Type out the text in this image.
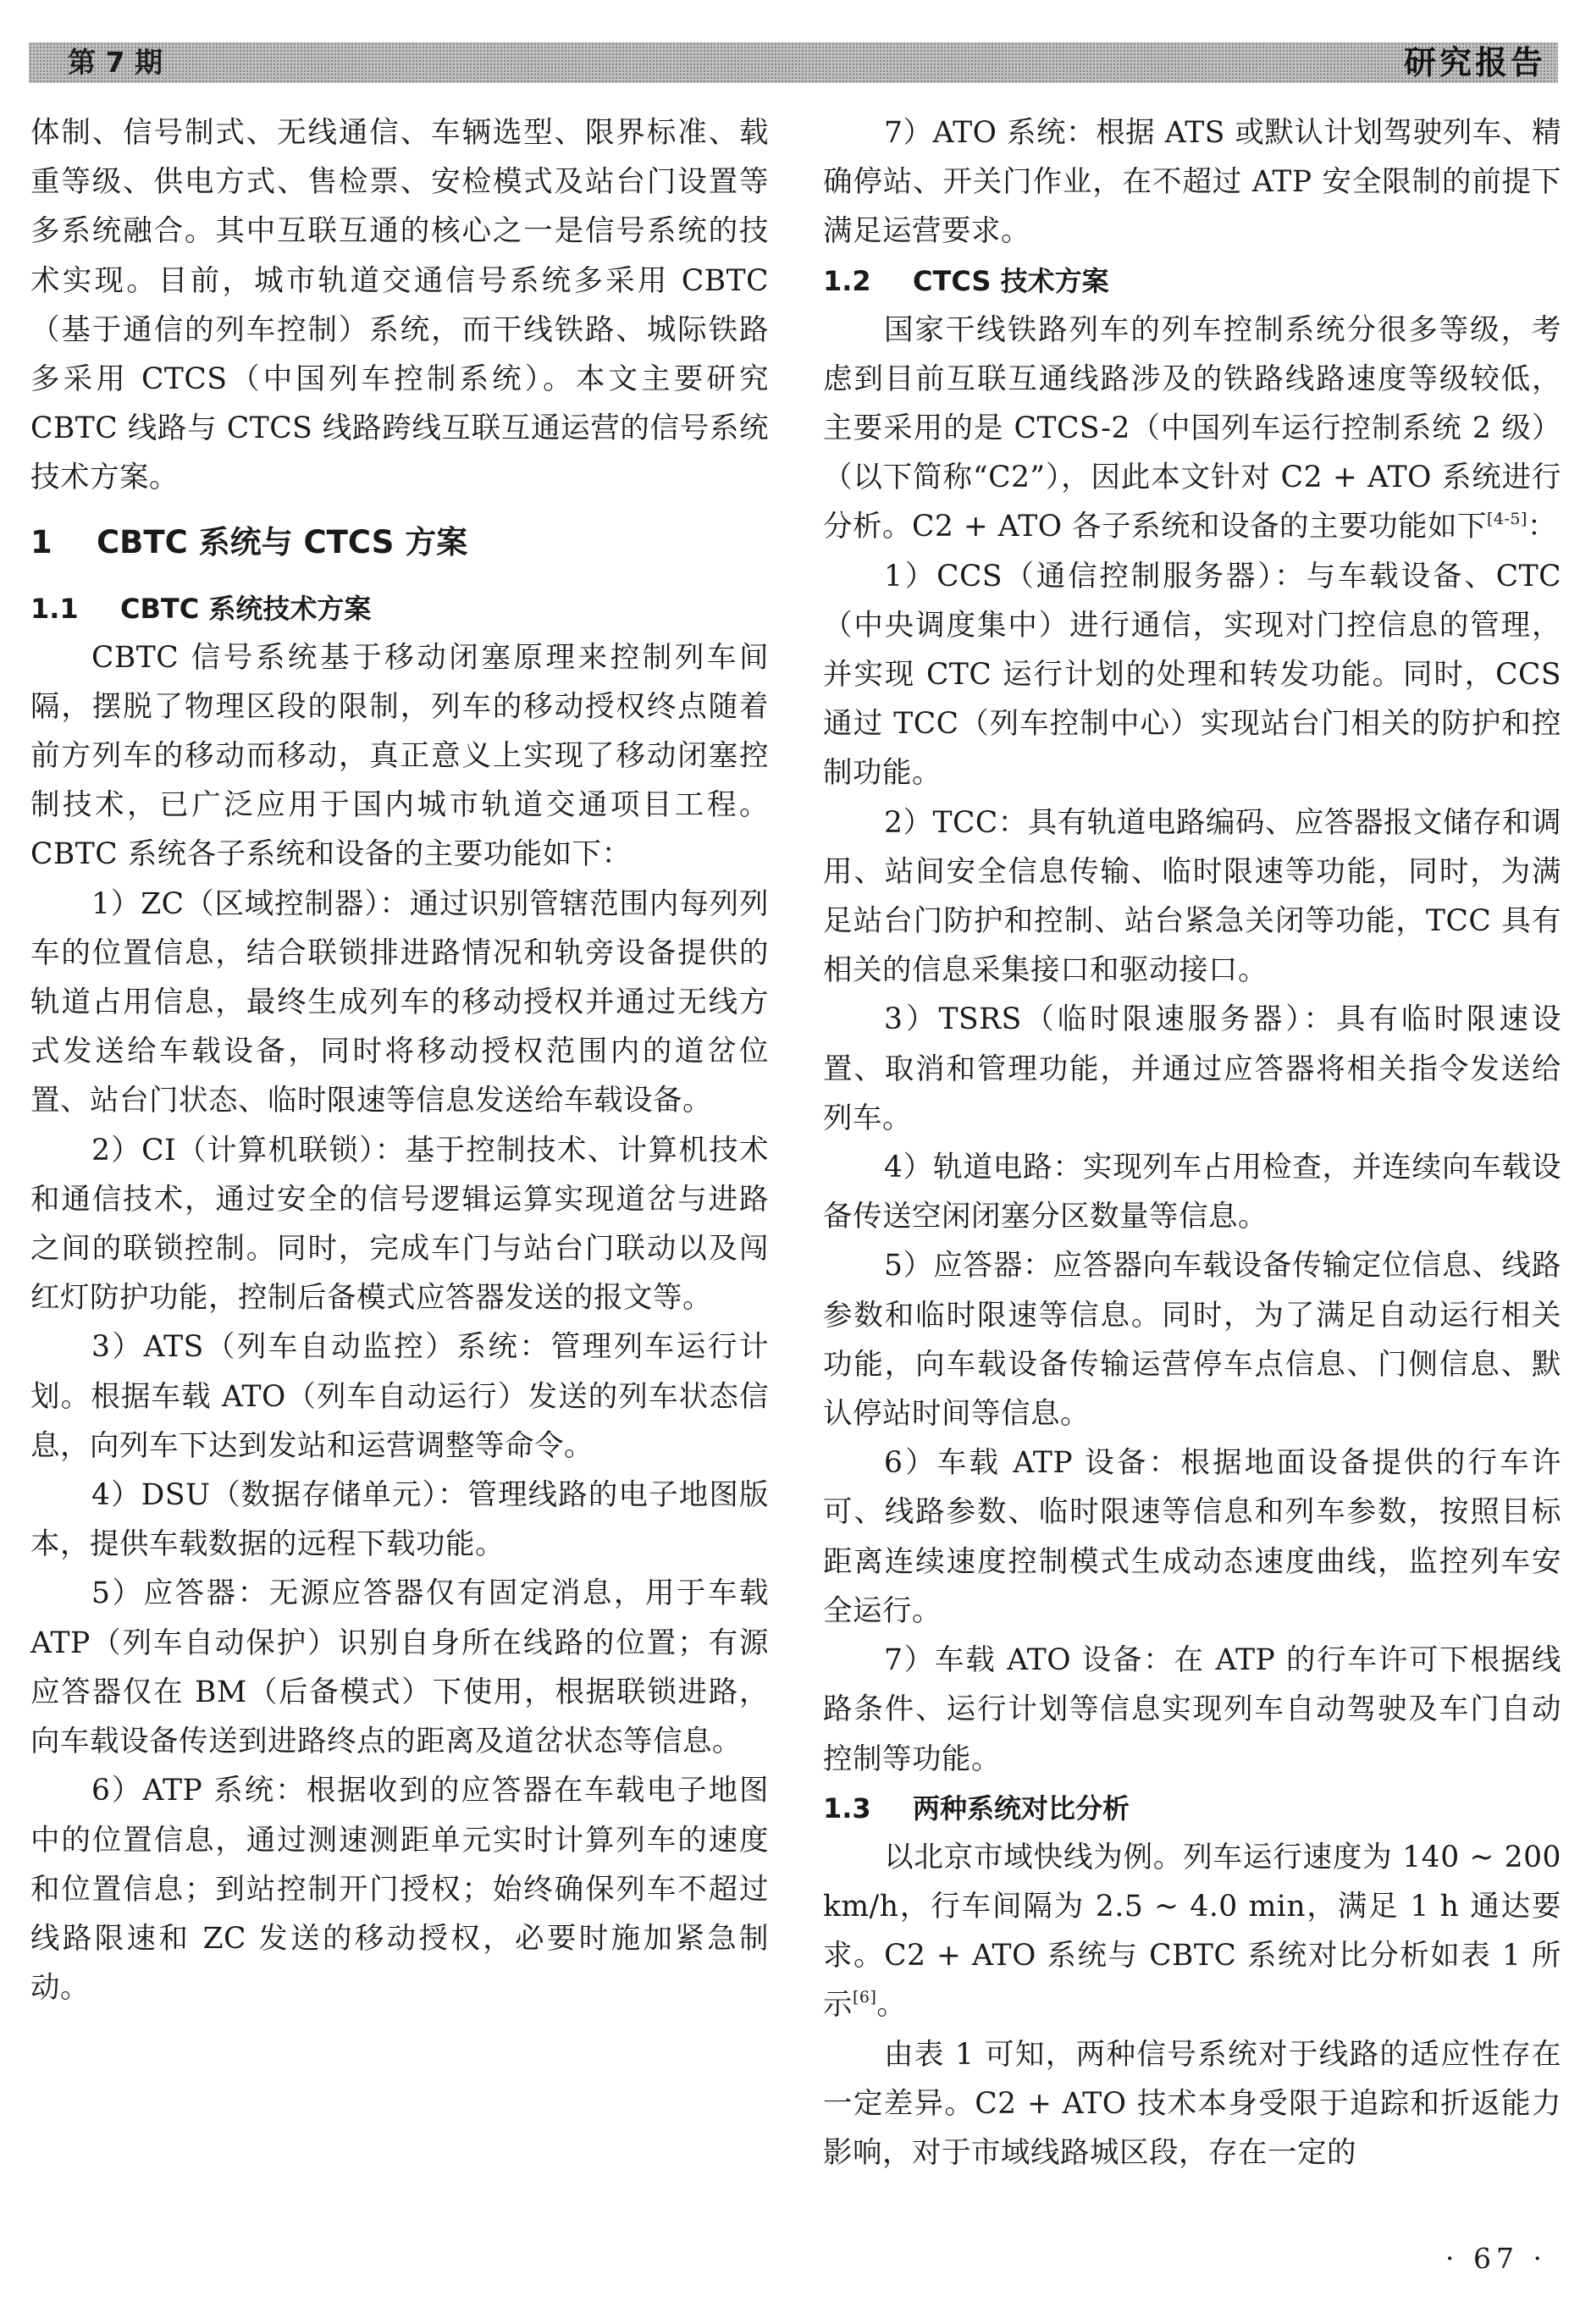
第 7 期	研究报告

体制、信号制式、无线通信、车辆选型、限界标准、载重等级、供电方式、售检票、安检模式及站台门设置等多系统融合。其中互联互通的核心之一是信号系统的技术实现。目前，城市轨道交通信号系统多采用 CBTC（基于通信的列车控制）系统，而干线铁路、城际铁路多采用 CTCS（中国列车控制系统）。本文主要研究 CBTC 线路与 CTCS 线路跨线互联互通运营的信号系统技术方案。

1 CBTC 系统与 CTCS 方案
1.1 CBTC 系统技术方案

CBTC 信号系统基于移动闭塞原理来控制列车间隔，摆脱了物理区段的限制，列车的移动授权终点随着前方列车的移动而移动，真正意义上实现了移动闭塞控制技术，已广泛应用于国内城市轨道交通项目工程。CBTC 系统各子系统和设备的主要功能如下：

1）ZC（区域控制器）：通过识别管辖范围内每列列车的位置信息，结合联锁排进路情况和轨旁设备提供的轨道占用信息，最终生成列车的移动授权并通过无线方式发送给车载设备，同时将移动授权范围内的道岔位置、站台门状态、临时限速等信息发送给车载设备。

2）CI（计算机联锁）：基于控制技术、计算机技术和通信技术，通过安全的信号逻辑运算实现道岔与进路之间的联锁控制。同时，完成车门与站台门联动以及闯红灯防护功能，控制后备模式应答器发送的报文等。

3）ATS（列车自动监控）系统：管理列车运行计划。根据车载 ATO（列车自动运行）发送的列车状态信息，向列车下达到发站和运营调整等命令。

4）DSU（数据存储单元）：管理线路的电子地图版本，提供车载数据的远程下载功能。

5）应答器：无源应答器仅有固定消息，用于车载 ATP（列车自动保护）识别自身所在线路的位置；有源应答器仅在 BM（后备模式）下使用，根据联锁进路，向车载设备传送到进路终点的距离及道岔状态等信息。

6）ATP 系统：根据收到的应答器在车载电子地图中的位置信息，通过测速测距单元实时计算列车的速度和位置信息；到站控制开门授权；始终确保列车不超过线路限速和 ZC 发送的移动授权，必要时施加紧急制动。

7）ATO 系统：根据 ATS 或默认计划驾驶列车、精确停站、开关门作业，在不超过 ATP 安全限制的前提下满足运营要求。

1.2 CTCS 技术方案

国家干线铁路列车的列车控制系统分很多等级，考虑到目前互联互通线路涉及的铁路线路速度等级较低，主要采用的是 CTCS-2（中国列车运行控制系统 2 级）（以下简称“C2”），因此本文针对 C2 + ATO 系统进行分析。C2 + ATO 各子系统和设备的主要功能如下[4-5]：

1）CCS（通信控制服务器）：与车载设备、CTC（中央调度集中）进行通信，实现对门控信息的管理，并实现 CTC 运行计划的处理和转发功能。同时，CCS 通过 TCC（列车控制中心）实现站台门相关的防护和控制功能。

2）TCC：具有轨道电路编码、应答器报文储存和调用、站间安全信息传输、临时限速等功能，同时，为满足站台门防护和控制、站台紧急关闭等功能，TCC 具有相关的信息采集接口和驱动接口。

3）TSRS（临时限速服务器）：具有临时限速设置、取消和管理功能，并通过应答器将相关指令发送给列车。

4）轨道电路：实现列车占用检查，并连续向车载设备传送空闲闭塞分区数量等信息。

5）应答器：应答器向车载设备传输定位信息、线路参数和临时限速等信息。同时，为了满足自动运行相关功能，向车载设备传输运营停车点信息、门侧信息、默认停站时间等信息。

6）车载 ATP 设备：根据地面设备提供的行车许可、线路参数、临时限速等信息和列车参数，按照目标距离连续速度控制模式生成动态速度曲线，监控列车安全运行。

7）车载 ATO 设备：在 ATP 的行车许可下根据线路条件、运行计划等信息实现列车自动驾驶及车门自动控制等功能。

1.3 两种系统对比分析

以北京市域快线为例。列车运行速度为 140 ~ 200 km/h，行车间隔为 2.5 ~ 4.0 min，满足 1 h 通达要求。C2 + ATO 系统与 CBTC 系统对比分析如表 1 所示[6]。

由表 1 可知，两种信号系统对于线路的适应性存在一定差异。C2 + ATO 技术本身受限于追踪和折返能力影响，对于市域线路城区段，存在一定的

· 67 ·
